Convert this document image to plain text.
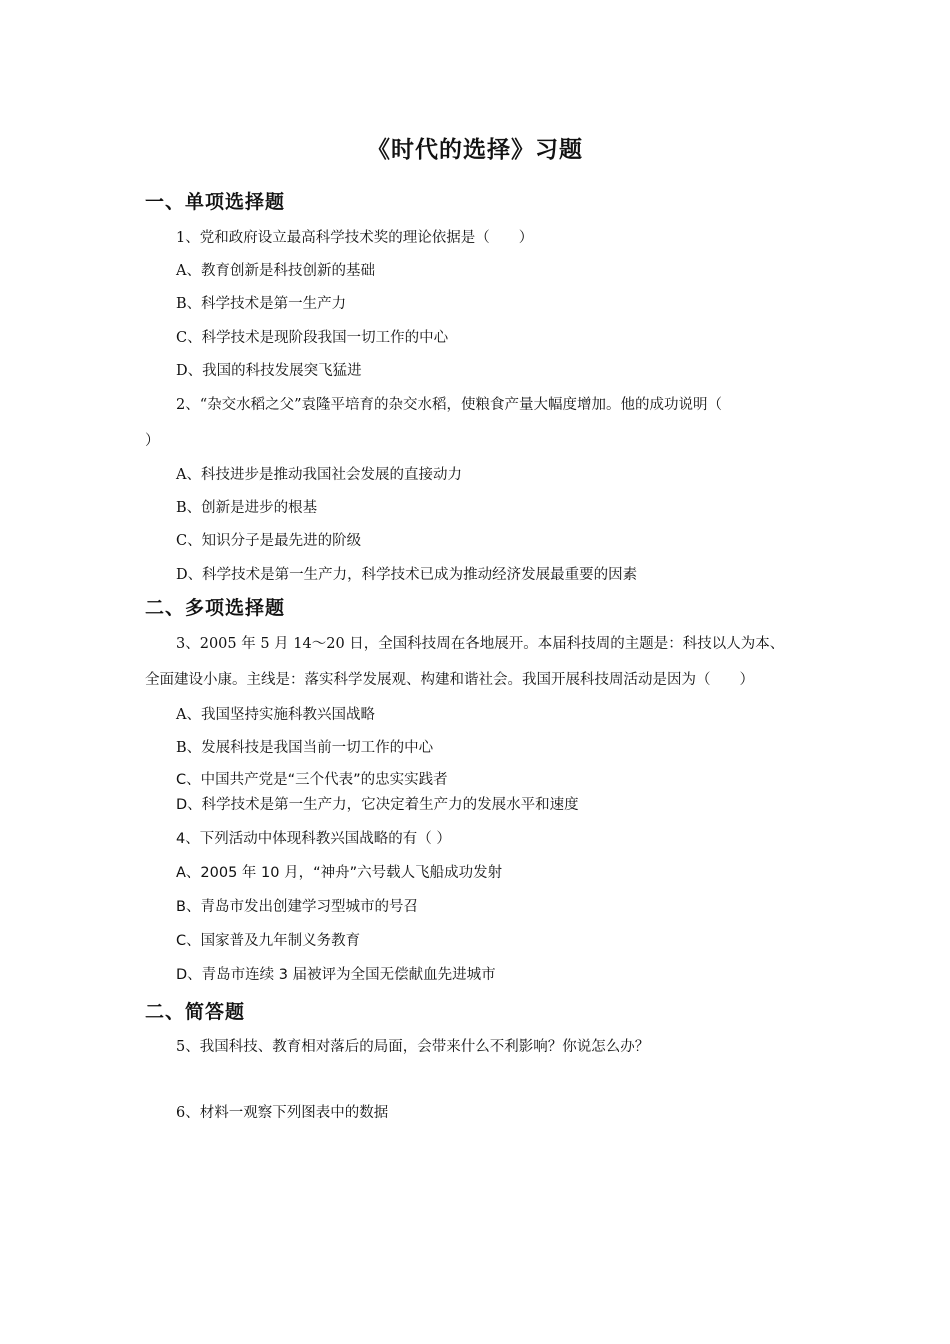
《时代的选择》习题
一、单项选择题
1、党和政府设立最高科学技术奖的理论依据是（　　）
A、教育创新是科技创新的基础
B、科学技术是第一生产力
C、科学技术是现阶段我国一切工作的中心
D、我国的科技发展突飞猛进
2、“杂交水稻之父”袁隆平培育的杂交水稻，使粮食产量大幅度增加。他的成功说明（
）
A、科技进步是推动我国社会发展的直接动力
B、创新是进步的根基
C、知识分子是最先进的阶级
D、科学技术是第一生产力，科学技术已成为推动经济发展最重要的因素
二、多项选择题
3、2005 年 5 月 14～20 日，全国科技周在各地展开。本届科技周的主题是：科技以人为本、
全面建设小康。主线是：落实科学发展观、构建和谐社会。我国开展科技周活动是因为（　　）
A、我国坚持实施科教兴国战略
B、发展科技是我国当前一切工作的中心
C、中国共产党是“三个代表”的忠实实践者
D、科学技术是第一生产力，它决定着生产力的发展水平和速度
4、下列活动中体现科教兴国战略的有（ ）
A、2005 年 10 月，“神舟”六号载人飞船成功发射
B、青岛市发出创建学习型城市的号召
C、国家普及九年制义务教育
D、青岛市连续 3 届被评为全国无偿献血先进城市
二、简答题
5、我国科技、教育相对落后的局面，会带来什么不利影响？你说怎么办？
6、材料一观察下列图表中的数据
